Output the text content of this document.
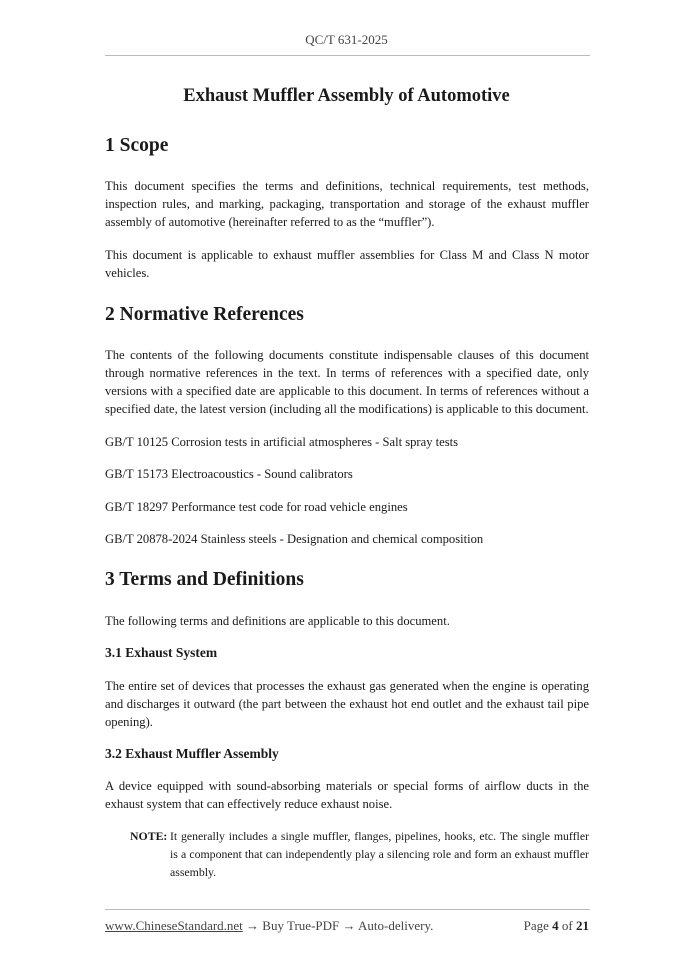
QC/T 631-2025
Exhaust Muffler Assembly of Automotive
1 Scope
This document specifies the terms and definitions, technical requirements, test methods, inspection rules, and marking, packaging, transportation and storage of the exhaust muffler assembly of automotive (hereinafter referred to as the “muffler”).
This document is applicable to exhaust muffler assemblies for Class M and Class N motor vehicles.
2 Normative References
The contents of the following documents constitute indispensable clauses of this document through normative references in the text. In terms of references with a specified date, only versions with a specified date are applicable to this document. In terms of references without a specified date, the latest version (including all the modifications) is applicable to this document.
GB/T 10125 Corrosion tests in artificial atmospheres - Salt spray tests
GB/T 15173 Electroacoustics - Sound calibrators
GB/T 18297 Performance test code for road vehicle engines
GB/T 20878-2024 Stainless steels - Designation and chemical composition
3 Terms and Definitions
The following terms and definitions are applicable to this document.
3.1 Exhaust System
The entire set of devices that processes the exhaust gas generated when the engine is operating and discharges it outward (the part between the exhaust hot end outlet and the exhaust tail pipe opening).
3.2 Exhaust Muffler Assembly
A device equipped with sound-absorbing materials or special forms of airflow ducts in the exhaust system that can effectively reduce exhaust noise.
NOTE: It generally includes a single muffler, flanges, pipelines, hooks, etc. The single muffler is a component that can independently play a silencing role and form an exhaust muffler assembly.
www.ChineseStandard.net → Buy True-PDF → Auto-delivery.	Page 4 of 21
